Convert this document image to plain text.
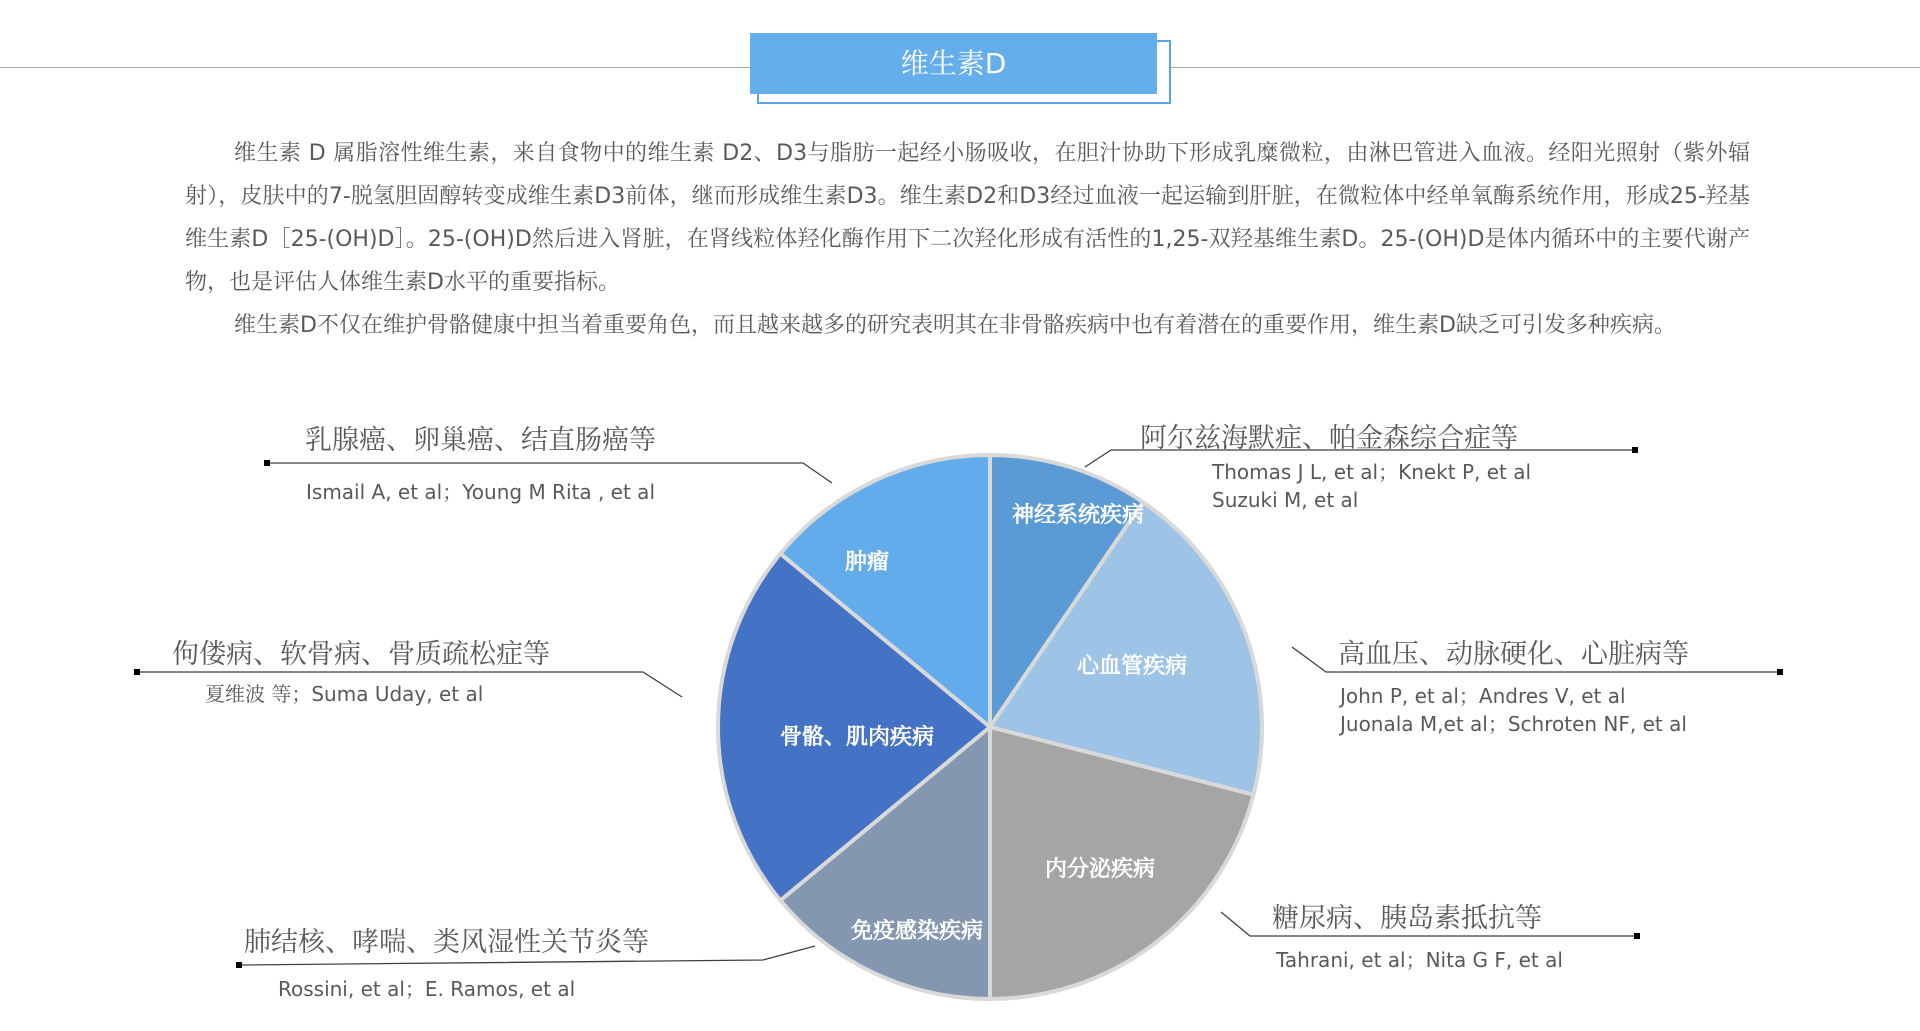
维生素D
维生素 D 属脂溶性维生素，来自食物中的维生素 D2、D3与脂肪一起经小肠吸收，在胆汁协助下形成乳糜微粒，由淋巴管进入血液。经阳光照射（紫外辐射），皮肤中的7-脱氢胆固醇转变成维生素D3前体，继而形成维生素D3。维生素D2和D3经过血液一起运输到肝脏，在微粒体中经单氧酶系统作用，形成25-羟基维生素D［25-(OH)D］。25-(OH)D然后进入肾脏，在肾线粒体羟化酶作用下二次羟化形成有活性的1,25-双羟基维生素D。25-(OH)D是体内循环中的主要代谢产物，也是评估人体维生素D水平的重要指标。
维生素D不仅在维护骨骼健康中担当着重要角色，而且越来越多的研究表明其在非骨骼疾病中也有着潜在的重要作用，维生素D缺乏可引发多种疾病。
神经系统疾病
心血管疾病
内分泌疾病
免疫感染疾病
骨骼、肌肉疾病
肿瘤
乳腺癌、卵巢癌、结直肠癌等
Ismail A, et al；Young M Rita , et al
阿尔兹海默症、帕金森综合症等
Thomas J L, et al；Knekt P, et al
Suzuki M, et al
佝偻病、软骨病、骨质疏松症等
夏维波 等；Suma Uday, et al
高血压、动脉硬化、心脏病等
John P, et al；Andres V, et al
Juonala M,et al；Schroten NF, et al
肺结核、哮喘、类风湿性关节炎等
Rossini, et al；E. Ramos, et al
糖尿病、胰岛素抵抗等
Tahrani, et al；Nita G F, et al
